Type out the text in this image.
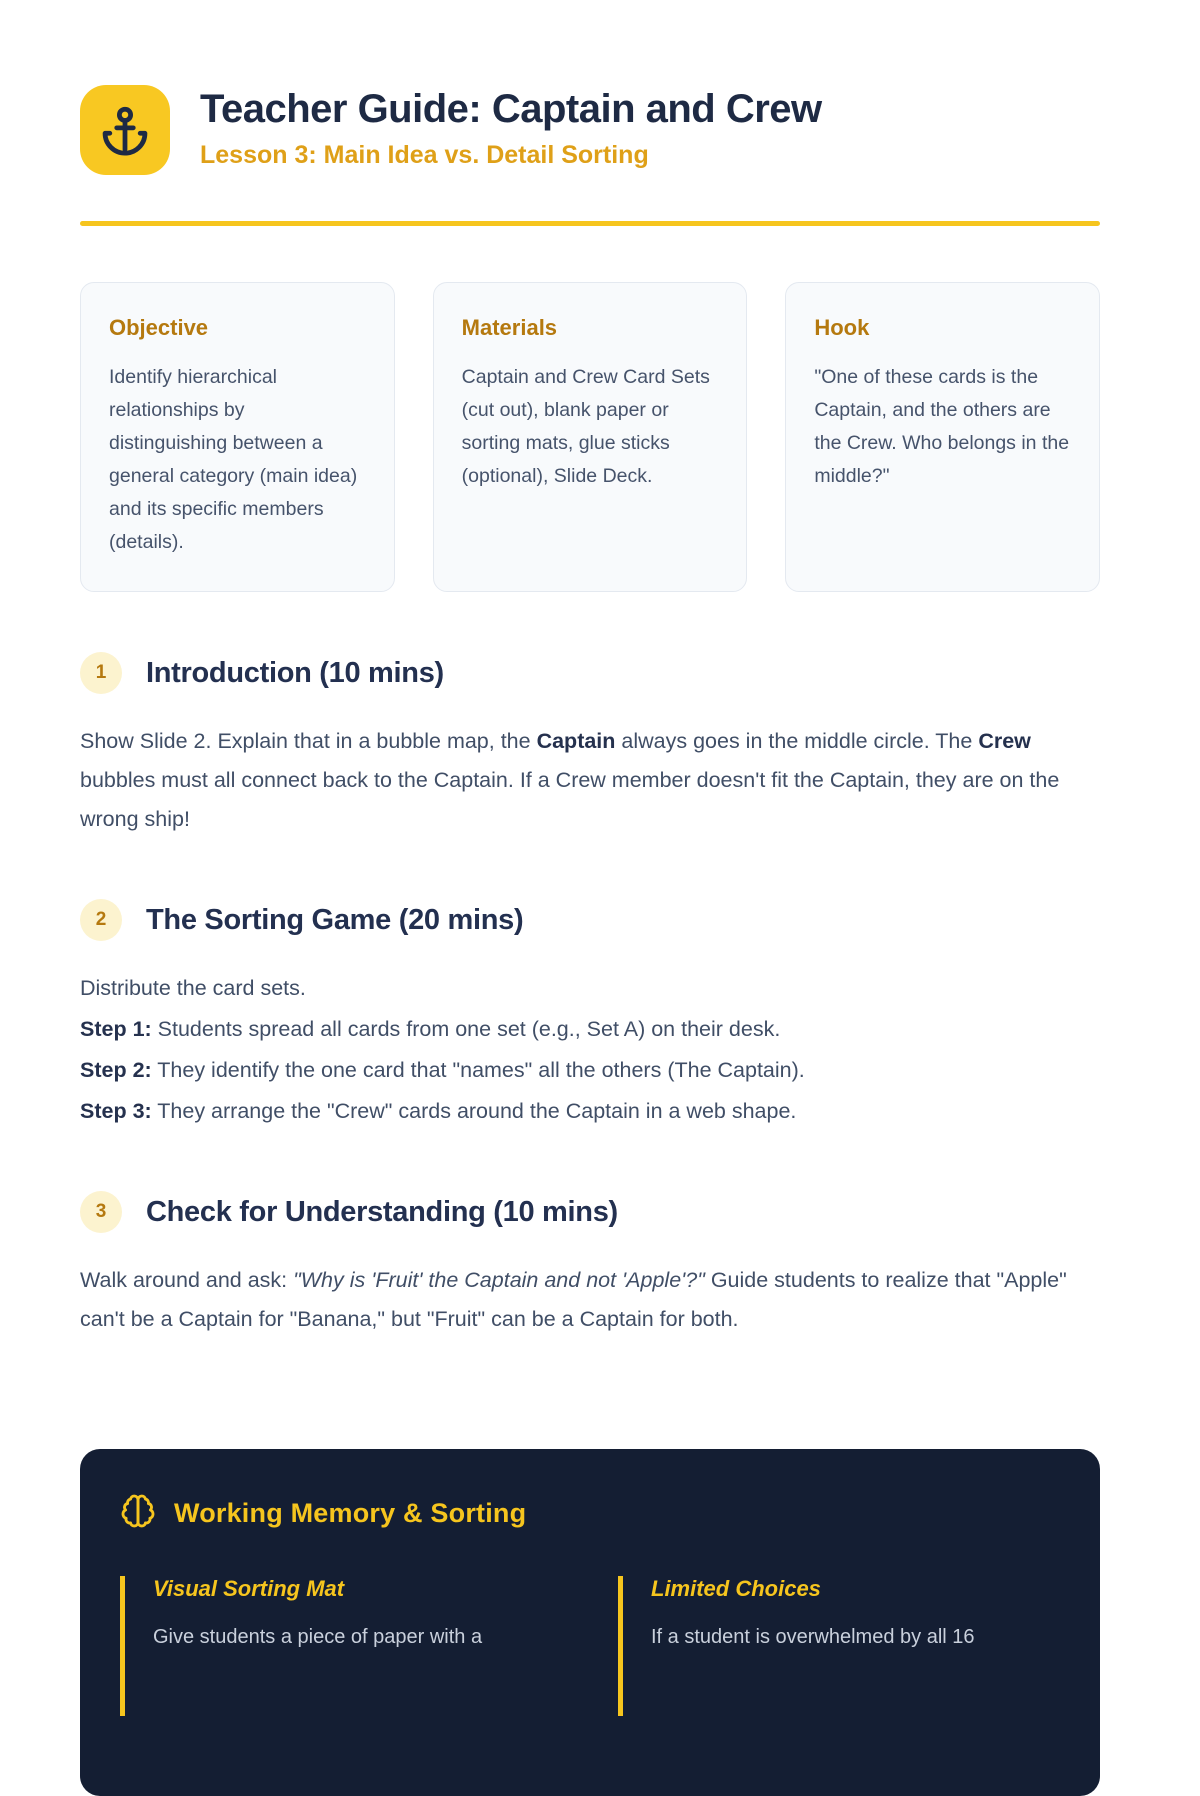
Teacher Guide: Captain and Crew
Lesson 3: Main Idea vs. Detail Sorting
Objective

Identify hierarchical relationships by distinguishing between a general category (main idea) and its specific members (details).

Materials

Captain and Crew Card Sets (cut out), blank paper or sorting mats, glue sticks (optional), Slide Deck.

Hook

"One of these cards is the Captain, and the others are the Crew. Who belongs in the middle?"

1	Introduction (10 mins)

Show Slide 2. Explain that in a bubble map, the Captain always goes in the middle circle. The Crew bubbles must all connect back to the Captain. If a Crew member doesn't fit the Captain, they are on the wrong ship!

2	The Sorting Game (20 mins)

Distribute the card sets.

Step 1: Students spread all cards from one set (e.g., Set A) on their desk.

Step 2: They identify the one card that "names" all the others (The Captain).

Step 3: They arrange the "Crew" cards around the Captain in a web shape.

3	Check for Understanding (10 mins)

Walk around and ask: "Why is 'Fruit' the Captain and not 'Apple'?" Guide students to realize that "Apple" can't be a Captain for "Banana," but "Fruit" can be a Captain for both.

Working Memory & Sorting
Visual Sorting Mat

Give students a piece of paper with a

Limited Choices

If a student is overwhelmed by all 16
